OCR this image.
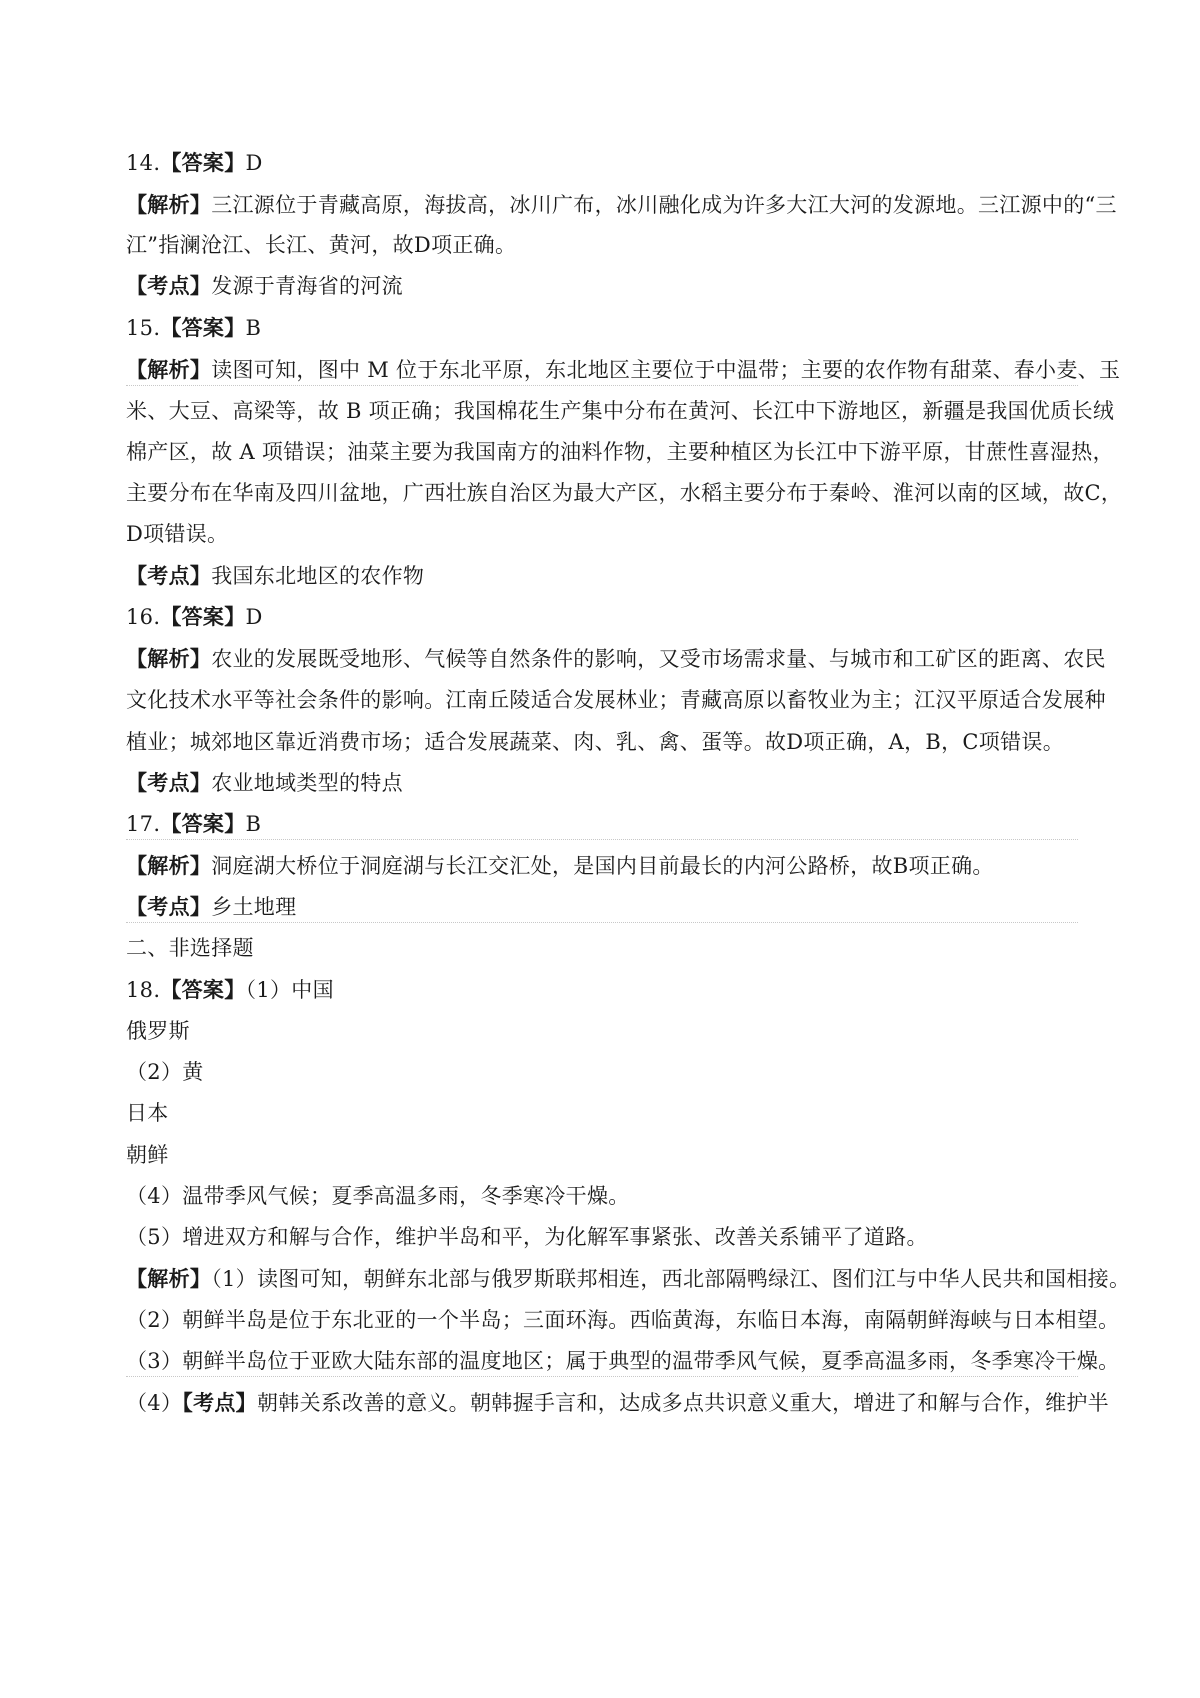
14.【答案】D
【解析】三江源位于青藏高原，海拔高，冰川广布，冰川融化成为许多大江大河的发源地。三江源中的“三
江”指澜沧江、长江、黄河，故D项正确。
【考点】发源于青海省的河流
15.【答案】B
【解析】读图可知，图中 M 位于东北平原，东北地区主要位于中温带；主要的农作物有甜菜、春小麦、玉
米、大豆、高梁等，故 B 项正确；我国棉花生产集中分布在黄河、长江中下游地区，新疆是我国优质长绒
棉产区，故 A 项错误；油菜主要为我国南方的油料作物，主要种植区为长江中下游平原，甘蔗性喜湿热，
主要分布在华南及四川盆地，广西壮族自治区为最大产区，水稻主要分布于秦岭、淮河以南的区域，故C，
D项错误。
【考点】我国东北地区的农作物
16.【答案】D
【解析】农业的发展既受地形、气候等自然条件的影响，又受市场需求量、与城市和工矿区的距离、农民
文化技术水平等社会条件的影响。江南丘陵适合发展林业；青藏高原以畜牧业为主；江汉平原适合发展种
植业；城郊地区靠近消费市场；适合发展蔬菜、肉、乳、禽、蛋等。故D项正确，A，B，C项错误。
【考点】农业地域类型的特点
17.【答案】B
【解析】洞庭湖大桥位于洞庭湖与长江交汇处，是国内目前最长的内河公路桥，故B项正确。
【考点】乡土地理
二、非选择题
18.【答案】（1）中国
俄罗斯
（2）黄
日本
朝鲜
（4）温带季风气候；夏季高温多雨，冬季寒冷干燥。
（5）增进双方和解与合作，维护半岛和平，为化解军事紧张、改善关系铺平了道路。
【解析】（1）读图可知，朝鲜东北部与俄罗斯联邦相连，西北部隔鸭绿江、图们江与中华人民共和国相接。
（2）朝鲜半岛是位于东北亚的一个半岛；三面环海。西临黄海，东临日本海，南隔朝鲜海峡与日本相望。
（3）朝鲜半岛位于亚欧大陆东部的温度地区；属于典型的温带季风气候，夏季高温多雨，冬季寒冷干燥。
（4）【考点】朝韩关系改善的意义。朝韩握手言和，达成多点共识意义重大，增进了和解与合作，维护半
